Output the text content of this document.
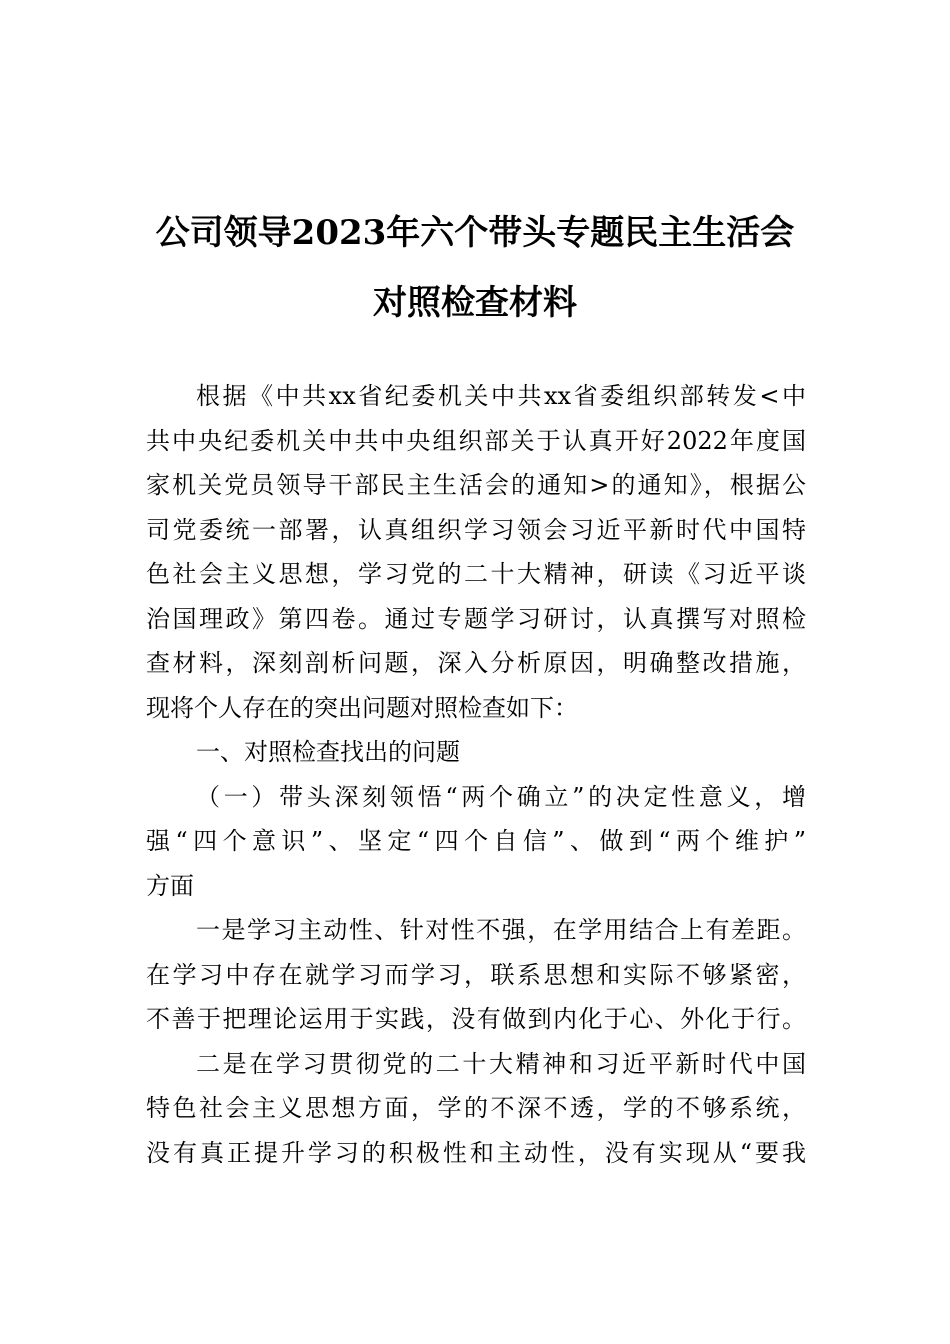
公司领导2023年六个带头专题民主生活会
对照检查材料
根据《中共xx省纪委机关中共xx省委组织部转发<中
共中央纪委机关中共中央组织部关于认真开好2022年度国
家机关党员领导干部民主生活会的通知>的通知》，根据公
司党委统一部署，认真组织学习领会习近平新时代中国特
色社会主义思想，学习党的二十大精神，研读《习近平谈
治国理政》第四卷。通过专题学习研讨，认真撰写对照检
查材料，深刻剖析问题，深入分析原因，明确整改措施，
现将个人存在的突出问题对照检查如下：
一、对照检查找出的问题
（一）带头深刻领悟“两个确立”的决定性意义，增
强“四个意识”、坚定“四个自信”、做到“两个维护”
方面
一是学习主动性、针对性不强，在学用结合上有差距。
在学习中存在就学习而学习，联系思想和实际不够紧密，
不善于把理论运用于实践，没有做到内化于心、外化于行。
二是在学习贯彻党的二十大精神和习近平新时代中国
特色社会主义思想方面，学的不深不透，学的不够系统，
没有真正提升学习的积极性和主动性，没有实现从“要我
